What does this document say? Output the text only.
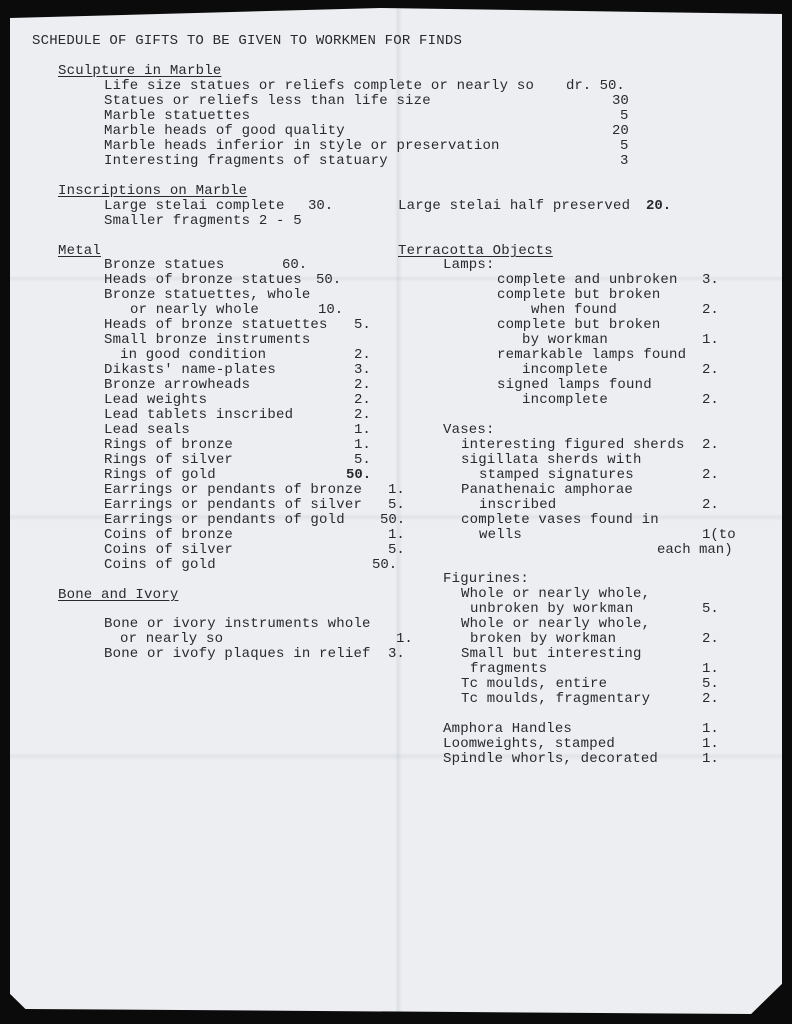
SCHEDULE OF GIFTS TO BE GIVEN TO WORKMEN FOR FINDS
Sculpture in Marble
Life size statues or reliefs complete or nearly so dr. 50.
Statues or reliefs less than life size	30
Marble statuettes	5
Marble heads of good quality	20
Marble heads inferior in style or preservation	5
Interesting fragments of statuary	3
Inscriptions on Marble
Large stelai complete 30.
Smaller fragments 2 - 5
Large stelai half preserved 20.
Metal
Bronze statues	60.
Heads of bronze statues 50.
Bronze statuettes, whole
or nearly whole	10.
Heads of bronze statuettes 5.
Small bronze instruments
in good condition	2.
Dikasts' name-plates	3.
Bronze arrowheads	2.
Lead weights	2.
Lead tablets inscribed	2.
Lead seals	1.
Rings of bronze	1.
Rings of silver	5.
Rings of gold	50.
Earrings or pendants of bronze 1.
Earrings or pendants of silver 5.
Earrings or pendants of gold	50.
Coins of bronze	1.
Coins of silver	5.
Coins of gold	50.
Bone and Ivory
Bone or ivory instruments whole
or nearly so	1.
Bone or ivofy plaques in relief 3.
Terracotta Objects
Lamps:
complete and unbroken 3.
complete but broken
when found	2.
complete but broken
by workman	1.
remarkable lamps found
incomplete	2.
signed lamps found
incomplete	2.
Vases:
interesting figured sherds 2.
sigillata sherds with
stamped signatures	2.
Panathenaic amphorae
inscribed	2.
complete vases found in
wells	1(to
each man)
Figurines:
Whole or nearly whole,
unbroken by workman	5.
Whole or nearly whole,
broken by workman	2.
Small but interesting
fragments	1.
Tc moulds, entire	5.
Tc moulds, fragmentary	2.
Amphora Handles	1.
Loomweights, stamped	1.
Spindle whorls, decorated	1.
